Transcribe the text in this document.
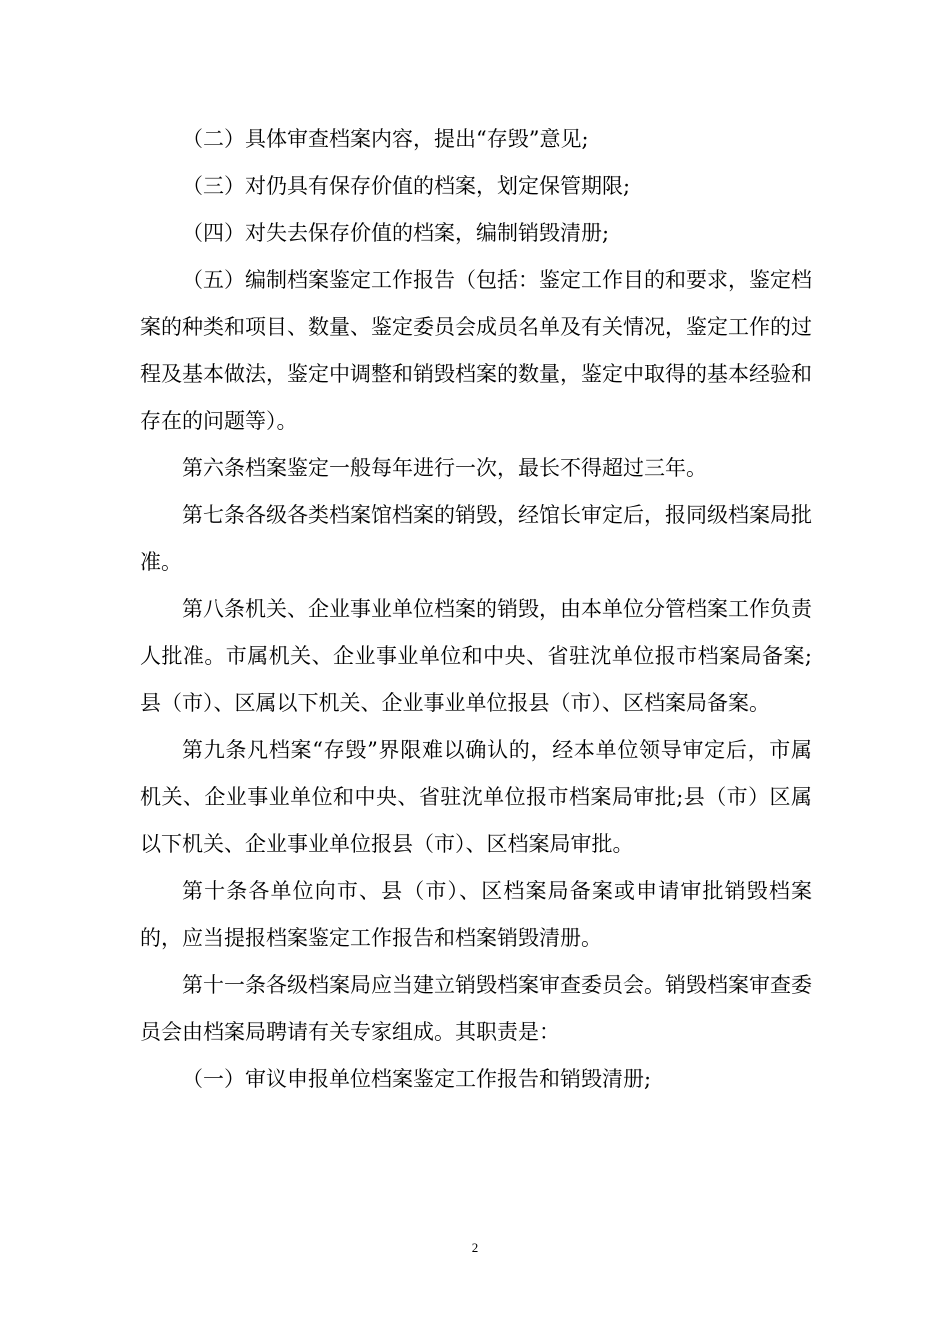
（二）具体审查档案内容，提出“存毁”意见;

（三）对仍具有保存价值的档案，划定保管期限;

（四）对失去保存价值的档案，编制销毁清册;

（五）编制档案鉴定工作报告（包括：鉴定工作目的和要求，鉴定档案的种类和项目、数量、鉴定委员会成员名单及有关情况，鉴定工作的过程及基本做法，鉴定中调整和销毁档案的数量，鉴定中取得的基本经验和存在的问题等）。

第六条档案鉴定一般每年进行一次，最长不得超过三年。

第七条各级各类档案馆档案的销毁，经馆长审定后，报同级档案局批准。

第八条机关、企业事业单位档案的销毁，由本单位分管档案工作负责人批准。市属机关、企业事业单位和中央、省驻沈单位报市档案局备案;县（市）、区属以下机关、企业事业单位报县（市）、区档案局备案。

第九条凡档案“存毁”界限难以确认的，经本单位领导审定后，市属机关、企业事业单位和中央、省驻沈单位报市档案局审批;县（市）区属以下机关、企业事业单位报县（市）、区档案局审批。

第十条各单位向市、县（市）、区档案局备案或申请审批销毁档案的，应当提报档案鉴定工作报告和档案销毁清册。

第十一条各级档案局应当建立销毁档案审查委员会。销毁档案审查委员会由档案局聘请有关专家组成。其职责是：

（一）审议申报单位档案鉴定工作报告和销毁清册;

2
